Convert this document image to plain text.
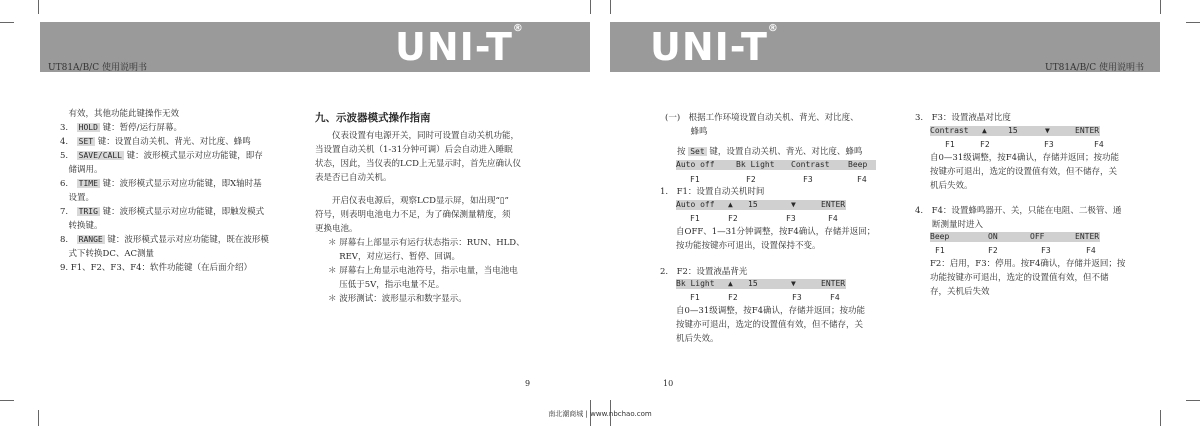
UNI-T®	UNI-T®
UT81A/B/C 使用说明书	UT81A/B/C 使用说明书
　有效，其他功能此键操作无效
3.　HOLD 键：暂停/运行屏幕。
4.　SET 键：设置自动关机、背光、对比度、蜂鸣
5.　SAVE/CALL 键：波形模式显示对应功能键，即存
　储调用。
6.　TIME 键：波形模式显示对应功能键，即X轴时基
　设置。
7.　TRIG 键：波形模式显示对应功能键，即触发模式
　转换键。
8.　RANGE 键：波形模式显示对应功能键，既在波形模
　式下转换DC、AC测量
9. F1、F2、F3、F4：软件功能键（在后面介绍）
九、示波器模式操作指南
　　仪表设置有电源开关，同时可设置自动关机功能，
当设置自动关机（1-31分钟可调）后会自动进入睡眠
状态，因此，当仪表的LCD上无显示时，首先应确认仪
表是否已自动关机。
　　开启仪表电源后，观察LCD显示屏，如出现“▯”
符号，则表明电池电力不足，为了确保测量精度，须
更换电池。
＊ 屏幕右上部显示有运行状态指示：RUN、HLD、
　 REV，对应运行、暂停、回调。
＊ 屏幕右上角显示电池符号，指示电量，当电池电
　 压低于5V，指示电量不足。
＊ 波形测试：波形显示和数字显示。
9
(一)　根据工作环境设置自动关机、背光、对比度、
　　　蜂鸣
按 Set 键，设置自动关机、背光、对比度、蜂鸣
Auto off	Bk Light Contrast Beep
F1	F2	F3	F4
1.　F1：设置自动关机时间
Auto off ▲ 15	▼	ENTER
F1	F2	F3	F4
自OFF、1—31分钟调整，按F4确认，存储并返回；
按功能按键亦可退出，设置保持不变。
2.　F2：设置液晶背光
Bk Light ▲ 15	▼	ENTER
F1	F2	F3	F4
自0—31级调整，按F4确认，存储并返回；按功能
按键亦可退出，选定的设置值有效，但不储存，关
机后失效。
10
3.　F3：设置液晶对比度
Contrast ▲	15	▼	ENTER
F1	F2	F3	F4
自0—31级调整，按F4确认，存储并返回；按功能
按键亦可退出，选定的设置值有效，但不储存，关
机后失效。
4.　F4：设置蜂鸣器开、关，只能在电阻、二极管、通
　　断测量时进入
Beep	ON	OFF	ENTER
F1	F2	F3	F4
F2：启用，F3：停用。按F4确认，存储并返回；按
功能按键亦可退出，选定的设置值有效，但不储
存，关机后失效
南北潮商城 | www.nbchao.com
